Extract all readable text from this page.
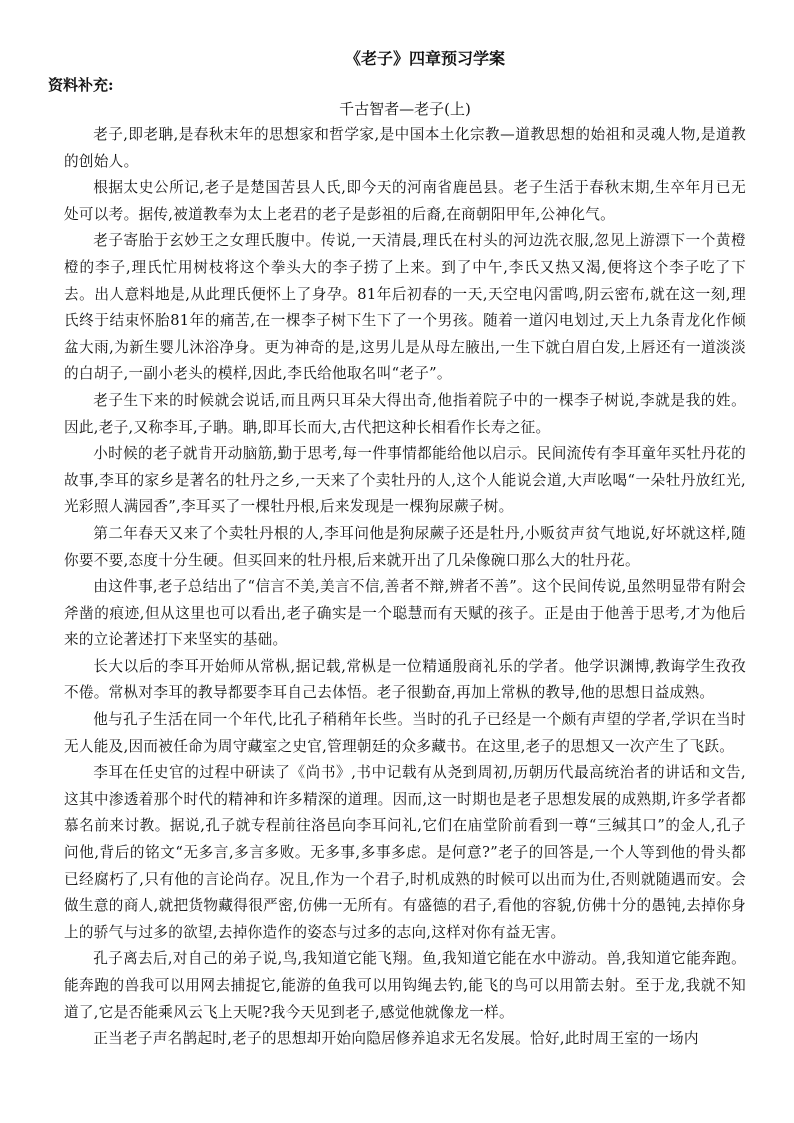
《老子》四章预习学案
资料补充:
千古智者—老子(上)

老子,即老聃,是春秋末年的思想家和哲学家,是中国本土化宗教—道教思想的始祖和灵魂人物,是道教的创始人。

根据太史公所记,老子是楚国苦县人氏,即今天的河南省鹿邑县。老子生活于春秋末期,生卒年月已无处可以考。据传,被道教奉为太上老君的老子是彭祖的后裔,在商朝阳甲年,公神化气。

老子寄胎于玄妙王之女理氏腹中。传说,一天清晨,理氏在村头的河边洗衣服,忽见上游漂下一个黄橙橙的李子,理氏忙用树枝将这个拳头大的李子捞了上来。到了中午,李氏又热又渴,便将这个李子吃了下去。出人意料地是,从此理氏便怀上了身孕。81年后初春的一天,天空电闪雷鸣,阴云密布,就在这一刻,理氏终于结束怀胎81年的痛苦,在一棵李子树下生下了一个男孩。随着一道闪电划过,天上九条青龙化作倾盆大雨,为新生婴儿沐浴净身。更为神奇的是,这男儿是从母左腋出,一生下就白眉白发,上唇还有一道淡淡的白胡子,一副小老头的模样,因此,李氏给他取名叫“老子”。

老子生下来的时候就会说话,而且两只耳朵大得出奇,他指着院子中的一棵李子树说,李就是我的姓。因此,老子,又称李耳,子聃。聃,即耳长而大,古代把这种长相看作长寿之征。

小时候的老子就肯开动脑筋,勤于思考,每一件事情都能给他以启示。民间流传有李耳童年买牡丹花的故事,李耳的家乡是著名的牡丹之乡,一天来了个卖牡丹的人,这个人能说会道,大声吆喝“一朵牡丹放红光,光彩照人满园香”,李耳买了一棵牡丹根,后来发现是一棵狗尿蕨子树。

第二年春天又来了个卖牡丹根的人,李耳问他是狗尿蕨子还是牡丹,小贩贫声贫气地说,好坏就这样,随你要不要,态度十分生硬。但买回来的牡丹根,后来就开出了几朵像碗口那么大的牡丹花。

由这件事,老子总结出了“信言不美,美言不信,善者不辩,辨者不善”。这个民间传说,虽然明显带有附会斧凿的痕迹,但从这里也可以看出,老子确实是一个聪慧而有天赋的孩子。正是由于他善于思考,才为他后来的立论著述打下来坚实的基础。

长大以后的李耳开始师从常枞,据记载,常枞是一位精通殷商礼乐的学者。他学识渊博,教诲学生孜孜不倦。常枞对李耳的教导都要李耳自己去体悟。老子很勤奋,再加上常枞的教导,他的思想日益成熟。

他与孔子生活在同一个年代,比孔子稍稍年长些。当时的孔子已经是一个颇有声望的学者,学识在当时无人能及,因而被任命为周守藏室之史官,管理朝廷的众多藏书。在这里,老子的思想又一次产生了飞跃。

李耳在任史官的过程中研读了《尚书》,书中记载有从尧到周初,历朝历代最高统治者的讲话和文告,这其中渗透着那个时代的精神和许多精深的道理。因而,这一时期也是老子思想发展的成熟期,许多学者都慕名前来讨教。据说,孔子就专程前往洛邑向李耳问礼,它们在庙堂阶前看到一尊“三缄其口”的金人,孔子问他,背后的铭文“无多言,多言多败。无多事,多事多虑。是何意?”老子的回答是,一个人等到他的骨头都已经腐朽了,只有他的言论尚存。况且,作为一个君子,时机成熟的时候可以出而为仕,否则就随遇而安。会做生意的商人,就把货物藏得很严密,仿佛一无所有。有盛德的君子,看他的容貌,仿佛十分的愚钝,去掉你身上的骄气与过多的欲望,去掉你造作的姿态与过多的志向,这样对你有益无害。

孔子离去后,对自己的弟子说,鸟,我知道它能飞翔。鱼,我知道它能在水中游动。兽,我知道它能奔跑。能奔跑的兽我可以用网去捕捉它,能游的鱼我可以用钩绳去钓,能飞的鸟可以用箭去射。至于龙,我就不知道了,它是否能乘风云飞上天呢?我今天见到老子,感觉他就像龙一样。

正当老子声名鹊起时,老子的思想却开始向隐居修养追求无名发展。恰好,此时周王室的一场内
